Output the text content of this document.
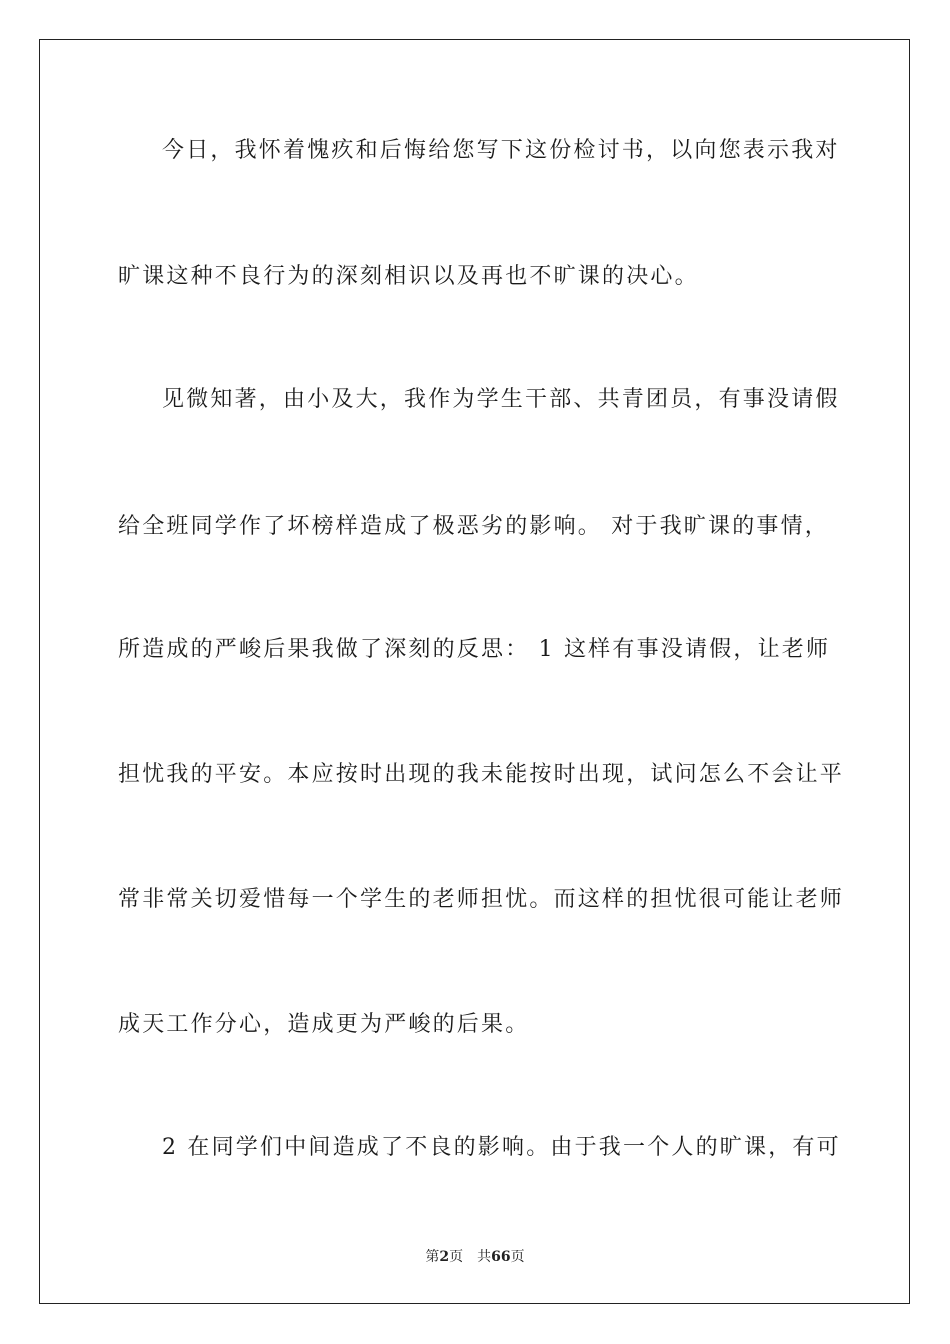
今日，我怀着愧疚和后悔给您写下这份检讨书，以向您表示我对
旷课这种不良行为的深刻相识以及再也不旷课的决心。
见微知著，由小及大，我作为学生干部、共青团员，有事没请假
给全班同学作了坏榜样造成了极恶劣的影响。 对于我旷课的事情，
所造成的严峻后果我做了深刻的反思： 1 这样有事没请假，让老师
担忧我的平安。本应按时出现的我未能按时出现，试问怎么不会让平
常非常关切爱惜每一个学生的老师担忧。而这样的担忧很可能让老师
成天工作分心，造成更为严峻的后果。
2 在同学们中间造成了不良的影响。由于我一个人的旷课，有可
第2页　共66页
